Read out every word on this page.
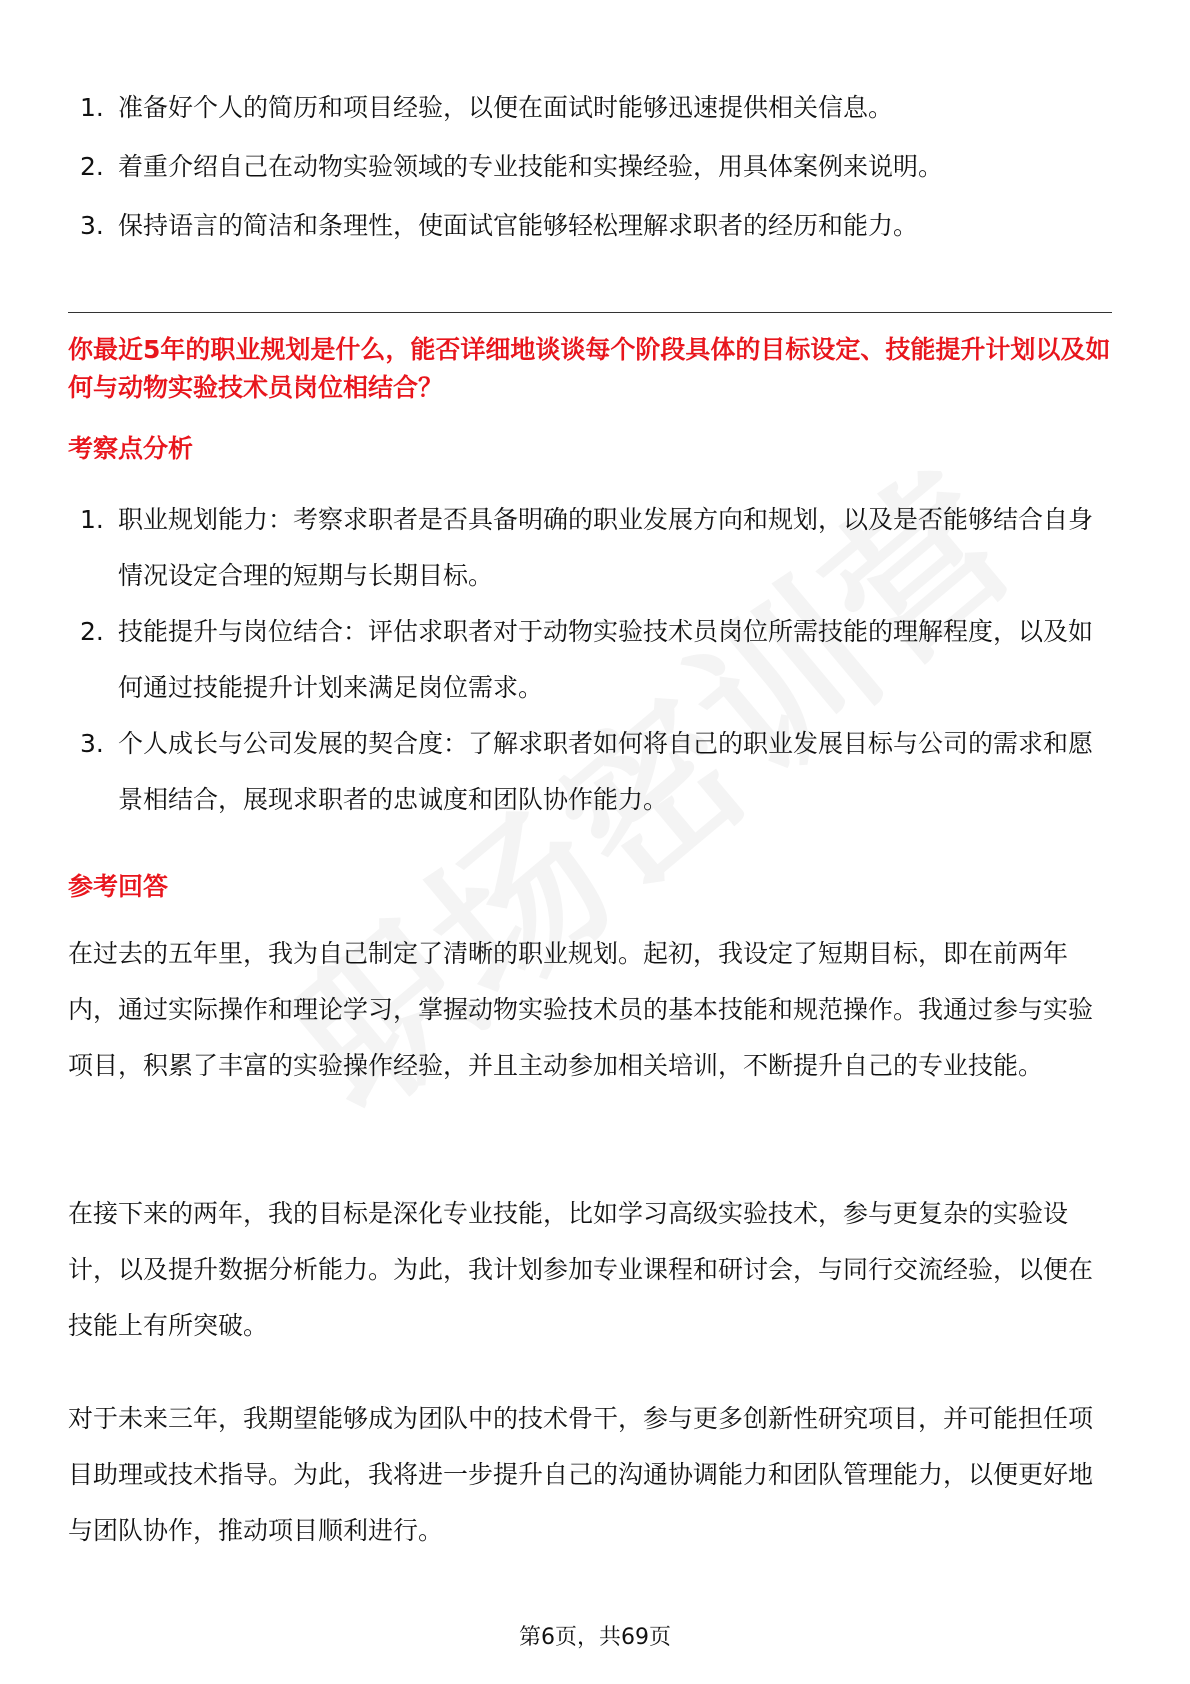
1. 准备好个人的简历和项目经验，以便在面试时能够迅速提供相关信息。
2. 着重介绍自己在动物实验领域的专业技能和实操经验，用具体案例来说明。
3. 保持语言的简洁和条理性，使面试官能够轻松理解求职者的经历和能力。
你最近5年的职业规划是什么，能否详细地谈谈每个阶段具体的目标设定、技能提升计划以及如何与动物实验技术员岗位相结合？
考察点分析
1. 职业规划能力：考察求职者是否具备明确的职业发展方向和规划，以及是否能够结合自身情况设定合理的短期与长期目标。
2. 技能提升与岗位结合：评估求职者对于动物实验技术员岗位所需技能的理解程度，以及如何通过技能提升计划来满足岗位需求。
3. 个人成长与公司发展的契合度：了解求职者如何将自己的职业发展目标与公司的需求和愿景相结合，展现求职者的忠诚度和团队协作能力。
参考回答

在过去的五年里，我为自己制定了清晰的职业规划。起初，我设定了短期目标，即在前两年内，通过实际操作和理论学习，掌握动物实验技术员的基本技能和规范操作。我通过参与实验项目，积累了丰富的实验操作经验，并且主动参加相关培训，不断提升自己的专业技能。

在接下来的两年，我的目标是深化专业技能，比如学习高级实验技术，参与更复杂的实验设计，以及提升数据分析能力。为此，我计划参加专业课程和研讨会，与同行交流经验，以便在技能上有所突破。

对于未来三年，我期望能够成为团队中的技术骨干，参与更多创新性研究项目，并可能担任项目助理或技术指导。为此，我将进一步提升自己的沟通协调能力和团队管理能力，以便更好地与团队协作，推动项目顺利进行。

第6页，共69页
